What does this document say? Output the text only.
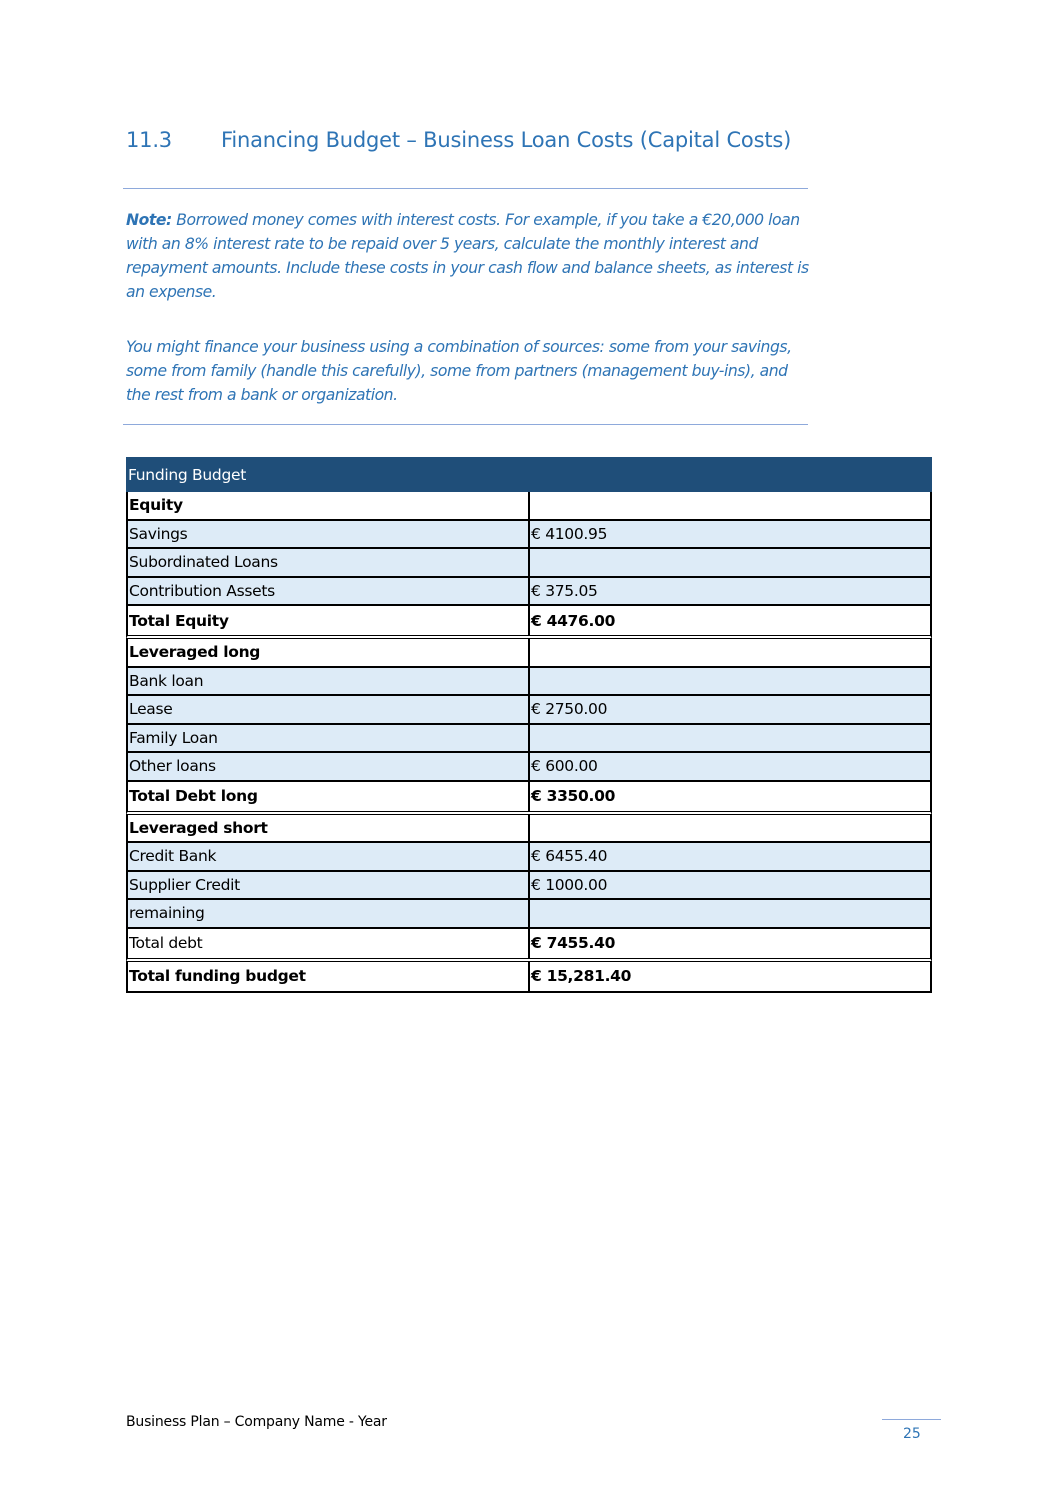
11.3 Financing Budget – Business Loan Costs (Capital Costs)
Note: Borrowed money comes with interest costs. For example, if you take a €20,000 loan with an 8% interest rate to be repaid over 5 years, calculate the monthly interest and repayment amounts. Include these costs in your cash flow and balance sheets, as interest is an expense.
You might finance your business using a combination of sources: some from your savings, some from family (handle this carefully), some from partners (management buy-ins), and the rest from a bank or organization.
Funding Budget
Equity
Savings	€ 4100.95
Subordinated Loans
Contribution Assets	€ 375.05
Total Equity	€ 4476.00
Leveraged long
Bank loan
Lease	€ 2750.00
Family Loan
Other loans	€ 600.00
Total Debt long	€ 3350.00
Leveraged short
Credit Bank	€ 6455.40
Supplier Credit	€ 1000.00
remaining
Total debt	€ 7455.40
Total funding budget	€ 15,281.40
Business Plan – Company Name - Year
25
